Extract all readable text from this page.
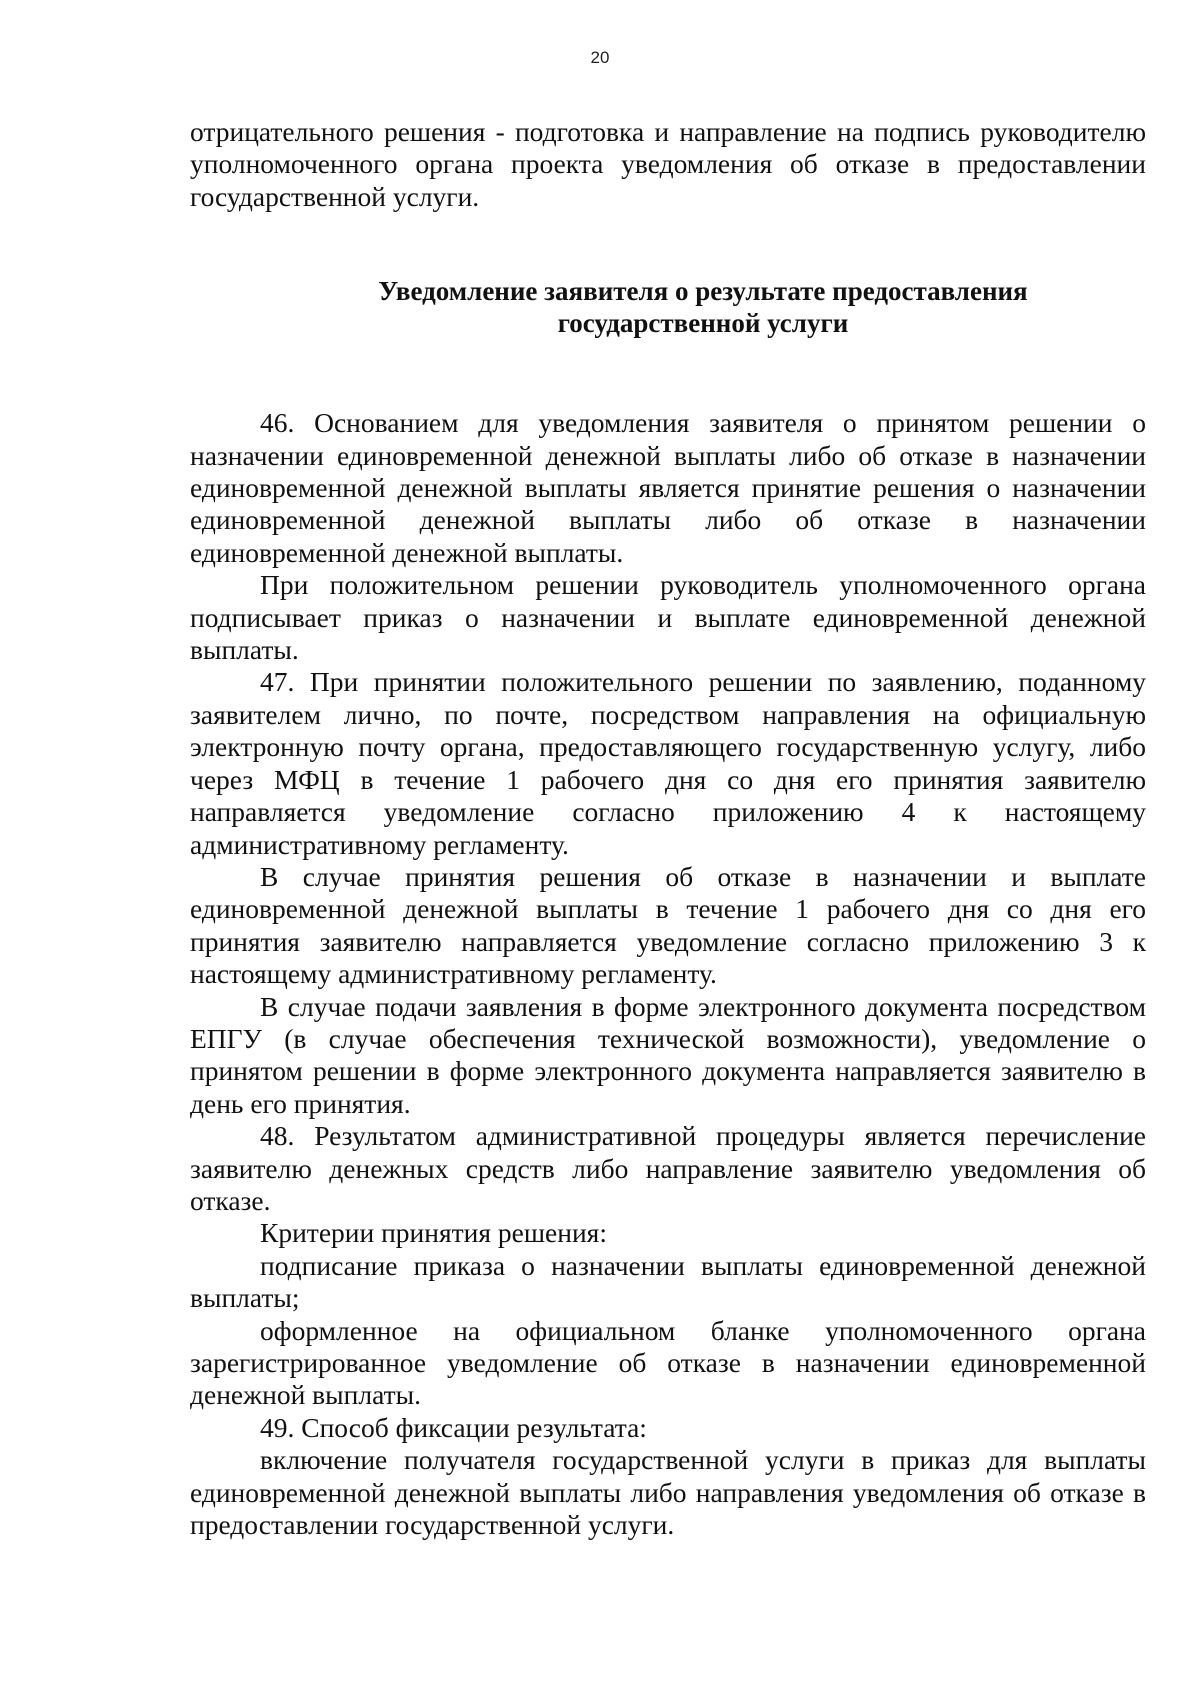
20

отрицательного решения - подготовка и направление на подпись руководителю уполномоченного органа проекта уведомления об отказе в предоставлении государственной услуги.

Уведомление заявителя о результате предоставления
государственной услуги

46. Основанием для уведомления заявителя о принятом решении о назначении единовременной денежной выплаты либо об отказе в назначении единовременной денежной выплаты является принятие решения о назначении единовременной денежной выплаты либо об отказе в назначении единовременной денежной выплаты.

При положительном решении руководитель уполномоченного органа подписывает приказ о назначении и выплате единовременной денежной выплаты.

47. При принятии положительного решении по заявлению, поданному заявителем лично, по почте, посредством направления на официальную электронную почту органа, предоставляющего государственную услугу, либо через МФЦ в течение 1 рабочего дня со дня его принятия заявителю направляется уведомление согласно приложению 4 к настоящему административному регламенту.

В случае принятия решения об отказе в назначении и выплате единовременной денежной выплаты в течение 1 рабочего дня со дня его принятия заявителю направляется уведомление согласно приложению 3 к настоящему административному регламенту.

В случае подачи заявления в форме электронного документа посредством ЕПГУ (в случае обеспечения технической возможности), уведомление о принятом решении в форме электронного документа направляется заявителю в день его принятия.

48. Результатом административной процедуры является перечисление заявителю денежных средств либо направление заявителю уведомления об отказе.

Критерии принятия решения:

подписание приказа о назначении выплаты единовременной денежной выплаты;

оформленное на официальном бланке уполномоченного органа зарегистрированное уведомление об отказе в назначении единовременной денежной выплаты.

49. Способ фиксации результата:

включение получателя государственной услуги в приказ для выплаты единовременной денежной выплаты либо направления уведомления об отказе в предоставлении государственной услуги.
